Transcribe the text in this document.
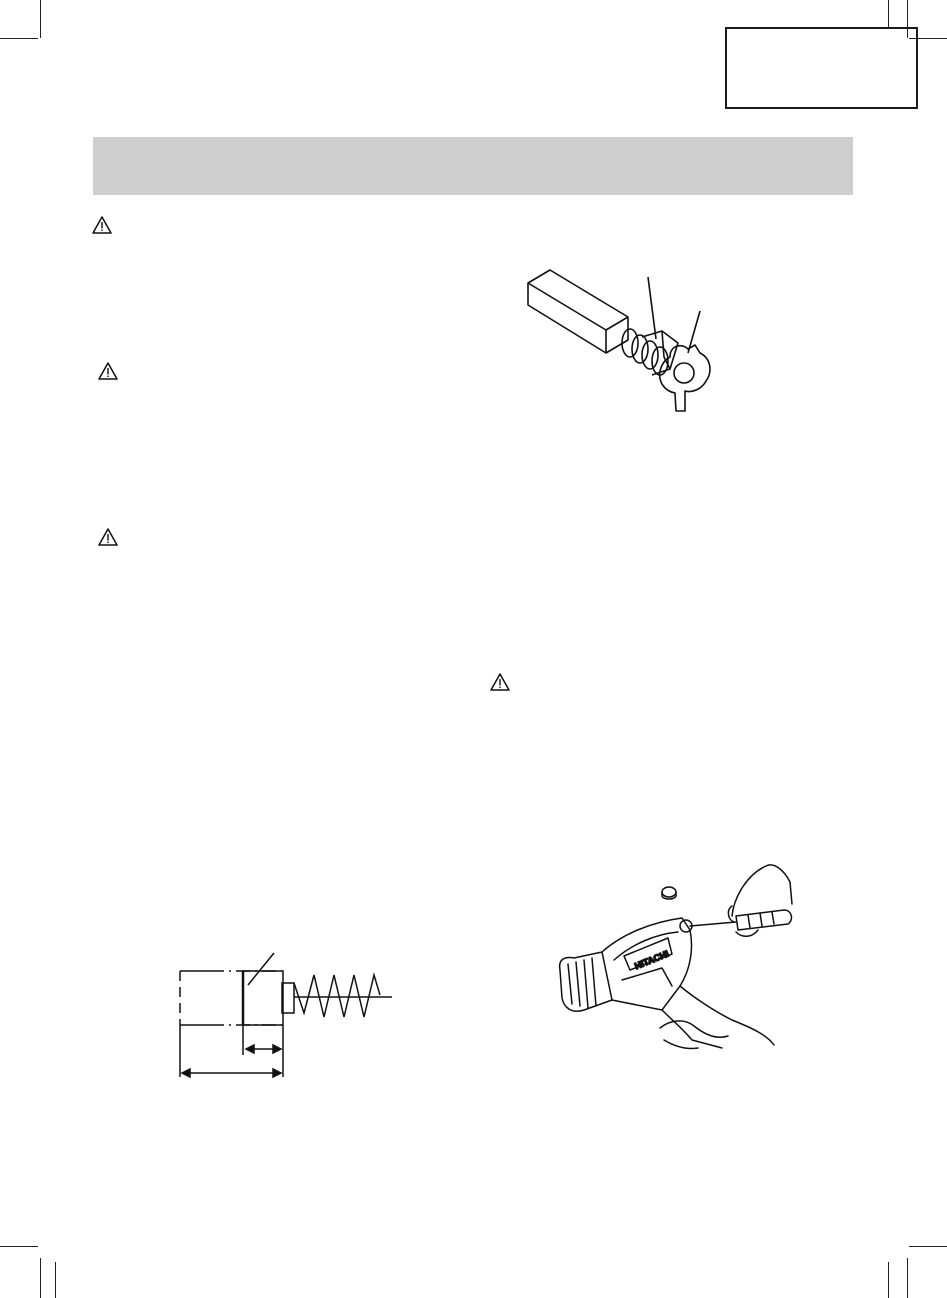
HITACHI
